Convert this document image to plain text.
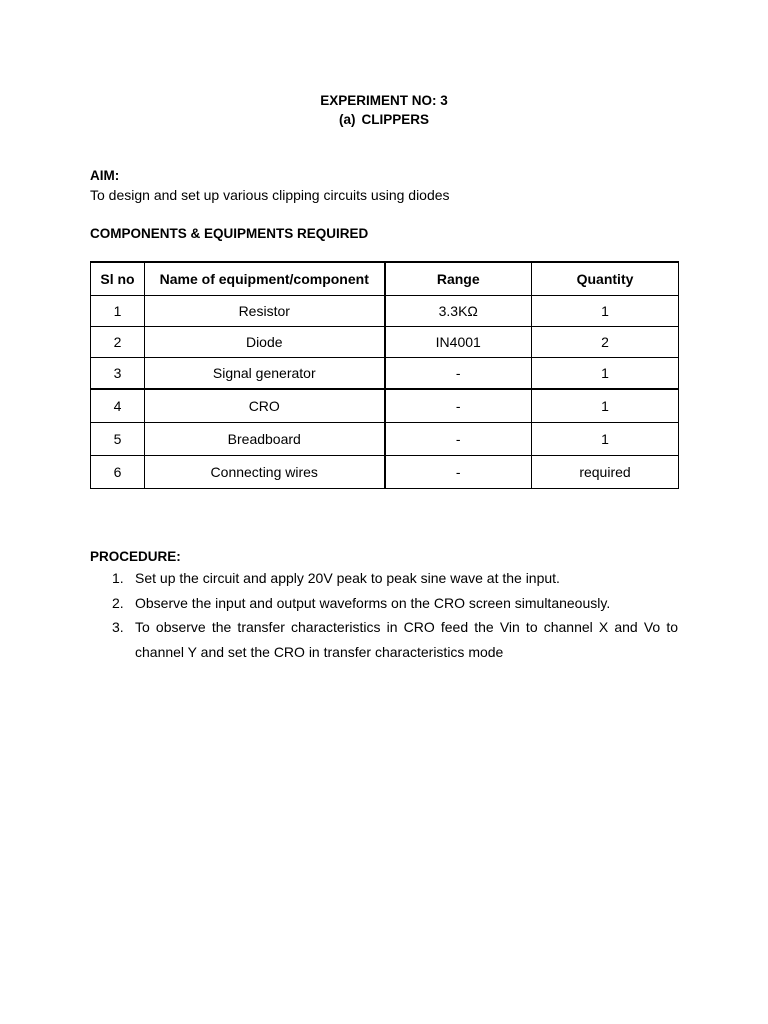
EXPERIMENT NO: 3
(a) CLIPPERS
AIM:
To design and set up various clipping circuits using diodes
COMPONENTS & EQUIPMENTS REQUIRED
Sl no	Name of equipment/component	Range	Quantity
1	Resistor	3.3KΩ	1
2	Diode	IN4001	2
3	Signal generator	-	1
4	CRO	-	1
5	Breadboard	-	1
6	Connecting wires	-	required
PROCEDURE:
1. Set up the circuit and apply 20V peak to peak sine wave at the input.
2. Observe the input and output waveforms on the CRO screen simultaneously.
3. To observe the transfer characteristics in CRO feed the Vin to channel X and Vo to channel Y and set the CRO in transfer characteristics mode
